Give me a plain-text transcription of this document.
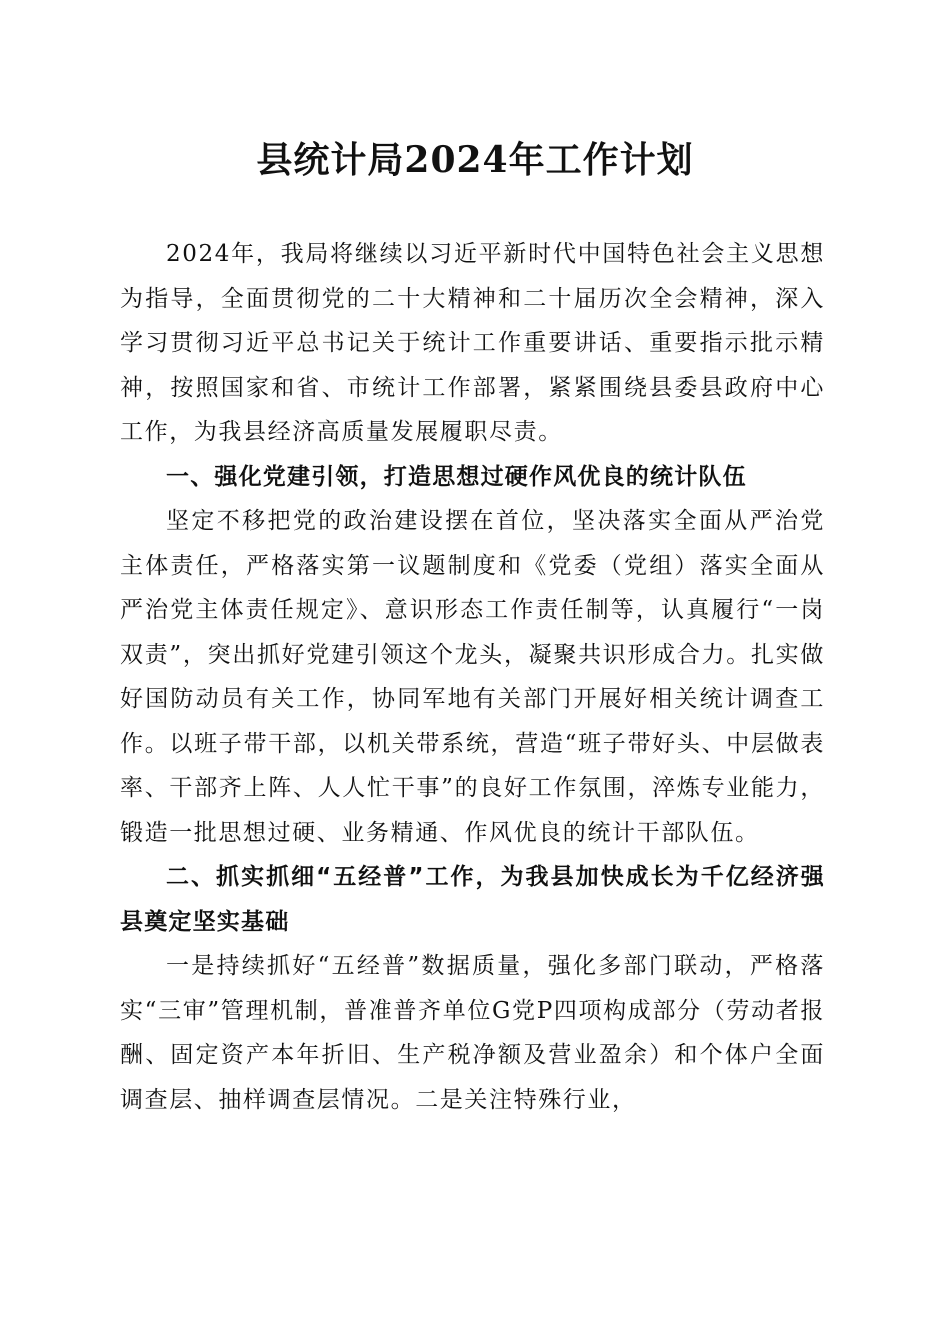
县统计局2024年工作计划

2024年，我局将继续以习近平新时代中国特色社会主义思想为指导，全面贯彻党的二十大精神和二十届历次全会精神，深入学习贯彻习近平总书记关于统计工作重要讲话、重要指示批示精神，按照国家和省、市统计工作部署，紧紧围绕县委县政府中心工作，为我县经济高质量发展履职尽责。

一、强化党建引领，打造思想过硬作风优良的统计队伍

坚定不移把党的政治建设摆在首位，坚决落实全面从严治党主体责任，严格落实第一议题制度和《党委（党组）落实全面从严治党主体责任规定》、意识形态工作责任制等，认真履行“一岗双责”，突出抓好党建引领这个龙头，凝聚共识形成合力。扎实做好国防动员有关工作，协同军地有关部门开展好相关统计调查工作。以班子带干部，以机关带系统，营造“班子带好头、中层做表率、干部齐上阵、人人忙干事”的良好工作氛围，淬炼专业能力，锻造一批思想过硬、业务精通、作风优良的统计干部队伍。

二、抓实抓细“五经普”工作，为我县加快成长为千亿经济强县奠定坚实基础

一是持续抓好“五经普”数据质量，强化多部门联动，严格落实“三审”管理机制，普准普齐单位G党P四项构成部分（劳动者报酬、固定资产本年折旧、生产税净额及营业盈余）和个体户全面调查层、抽样调查层情况。二是关注特殊行业，
